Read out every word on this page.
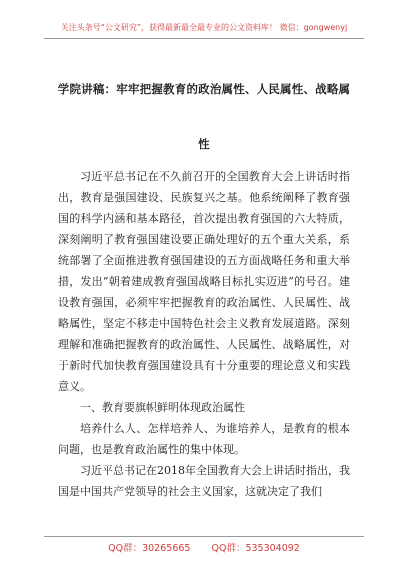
关注头条号“公文研究”，获得最新最全最专业的公文资料库！ 微信：gongwenyj
学院讲稿：牢牢把握教育的政治属性、人民属性、战略属性

习近平总书记在不久前召开的全国教育大会上讲话时指出，教育是强国建设、民族复兴之基。他系统阐释了教育强国的科学内涵和基本路径，首次提出教育强国的六大特质，深刻阐明了教育强国建设要正确处理好的五个重大关系，系统部署了全面推进教育强国建设的五方面战略任务和重大举措，发出“朝着建成教育强国战略目标扎实迈进”的号召。建设教育强国，必须牢牢把握教育的政治属性、人民属性、战略属性，坚定不移走中国特色社会主义教育发展道路。深刻理解和准确把握教育的政治属性、人民属性、战略属性，对于新时代加快教育强国建设具有十分重要的理论意义和实践意义。

一、教育要旗帜鲜明体现政治属性

培养什么人、怎样培养人、为谁培养人，是教育的根本问题，也是教育政治属性的集中体现。

习近平总书记在2018年全国教育大会上讲话时指出，我国是中国共产党领导的社会主义国家，这就决定了我们

QQ群：30265665 QQ群：535304092
